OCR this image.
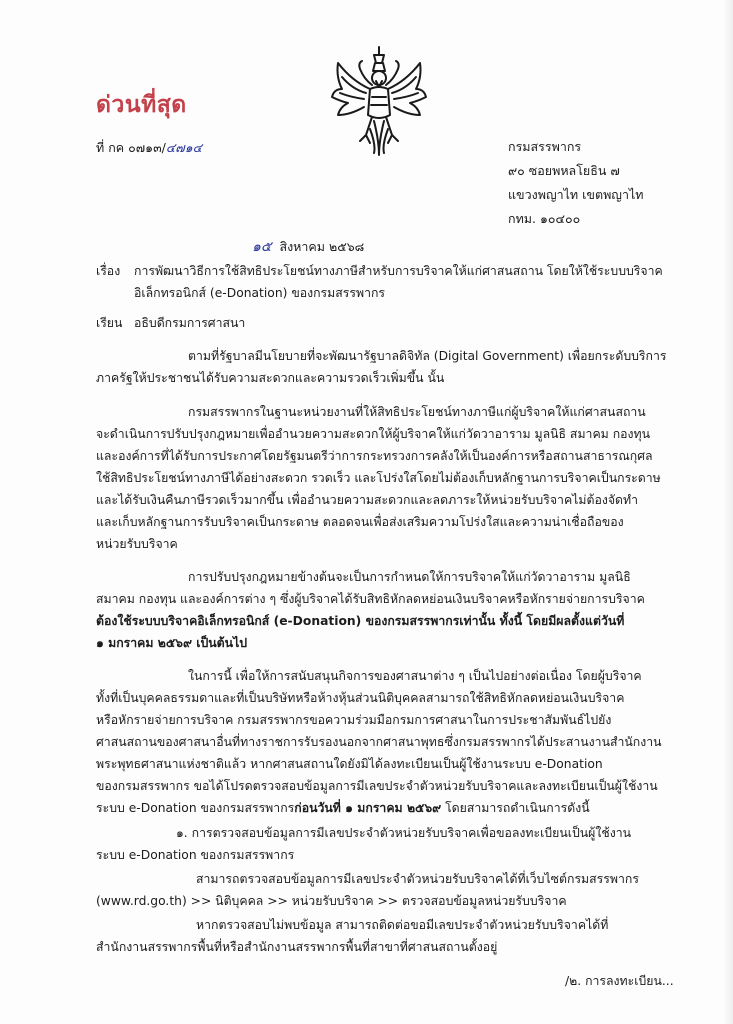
ด่วนที่สุด
ที่ กค ๐๗๑๓/๔๗๑๔	กรมสรรพากร
๙๐ ซอยพหลโยธิน ๗
แขวงพญาไท เขตพญาไท
กทม. ๑๐๔๐๐
๑๕ สิงหาคม ๒๕๖๘
เรื่อง การพัฒนาวิธีการใช้สิทธิประโยชน์ทางภาษีสำหรับการบริจาคให้แก่ศาสนสถาน โดยให้ใช้ระบบบริจาค
อิเล็กทรอนิกส์ (e-Donation) ของกรมสรรพากร
เรียน อธิบดีกรมการศาสนา
ตามที่รัฐบาลมีนโยบายที่จะพัฒนารัฐบาลดิจิทัล (Digital Government) เพื่อยกระดับบริการ
ภาครัฐให้ประชาชนได้รับความสะดวกและความรวดเร็วเพิ่มขึ้น นั้น
กรมสรรพากรในฐานะหน่วยงานที่ให้สิทธิประโยชน์ทางภาษีแก่ผู้บริจาคให้แก่ศาสนสถาน
จะดำเนินการปรับปรุงกฎหมายเพื่ออำนวยความสะดวกให้ผู้บริจาคให้แก่วัดวาอาราม มูลนิธิ สมาคม กองทุน
และองค์การที่ได้รับการประกาศโดยรัฐมนตรีว่าการกระทรวงการคลังให้เป็นองค์การหรือสถานสาธารณกุศล
ใช้สิทธิประโยชน์ทางภาษีได้อย่างสะดวก รวดเร็ว และโปร่งใสโดยไม่ต้องเก็บหลักฐานการบริจาคเป็นกระดาษ
และได้รับเงินคืนภาษีรวดเร็วมากขึ้น เพื่ออำนวยความสะดวกและลดภาระให้หน่วยรับบริจาคไม่ต้องจัดทำ
และเก็บหลักฐานการรับบริจาคเป็นกระดาษ ตลอดจนเพื่อส่งเสริมความโปร่งใสและความน่าเชื่อถือของ
หน่วยรับบริจาค
การปรับปรุงกฎหมายข้างต้นจะเป็นการกำหนดให้การบริจาคให้แก่วัดวาอาราม มูลนิธิ
สมาคม กองทุน และองค์การต่าง ๆ ซึ่งผู้บริจาคได้รับสิทธิหักลดหย่อนเงินบริจาคหรือหักรายจ่ายการบริจาค
ต้องใช้ระบบบริจาคอิเล็กทรอนิกส์ (e-Donation) ของกรมสรรพากรเท่านั้น ทั้งนี้ โดยมีผลตั้งแต่วันที่
๑ มกราคม ๒๕๖๙ เป็นต้นไป
ในการนี้ เพื่อให้การสนับสนุนกิจการของศาสนาต่าง ๆ เป็นไปอย่างต่อเนื่อง โดยผู้บริจาค
ทั้งที่เป็นบุคคลธรรมดาและที่เป็นบริษัทหรือห้างหุ้นส่วนนิติบุคคลสามารถใช้สิทธิหักลดหย่อนเงินบริจาค
หรือหักรายจ่ายการบริจาค กรมสรรพากรขอความร่วมมือกรมการศาสนาในการประชาสัมพันธ์ไปยัง
ศาสนสถานของศาสนาอื่นที่ทางราชการรับรองนอกจากศาสนาพุทธซึ่งกรมสรรพากรได้ประสานงานสำนักงาน
พระพุทธศาสนาแห่งชาติแล้ว หากศาสนสถานใดยังมิได้ลงทะเบียนเป็นผู้ใช้งานระบบ e-Donation
ของกรมสรรพากร ขอได้โปรดตรวจสอบข้อมูลการมีเลขประจำตัวหน่วยรับบริจาคและลงทะเบียนเป็นผู้ใช้งาน
ระบบ e-Donation ของกรมสรรพากรก่อนวันที่ ๑ มกราคม ๒๕๖๙ โดยสามารถดำเนินการดังนี้
๑. การตรวจสอบข้อมูลการมีเลขประจำตัวหน่วยรับบริจาคเพื่อขอลงทะเบียนเป็นผู้ใช้งาน
ระบบ e-Donation ของกรมสรรพากร
สามารถตรวจสอบข้อมูลการมีเลขประจำตัวหน่วยรับบริจาคได้ที่เว็บไซต์กรมสรรพากร
(www.rd.go.th) >> นิติบุคคล >> หน่วยรับบริจาค >> ตรวจสอบข้อมูลหน่วยรับบริจาค
หากตรวจสอบไม่พบข้อมูล สามารถติดต่อขอมีเลขประจำตัวหน่วยรับบริจาคได้ที่
สำนักงานสรรพากรพื้นที่หรือสำนักงานสรรพากรพื้นที่สาขาที่ศาสนสถานตั้งอยู่
/๒. การลงทะเบียน...
